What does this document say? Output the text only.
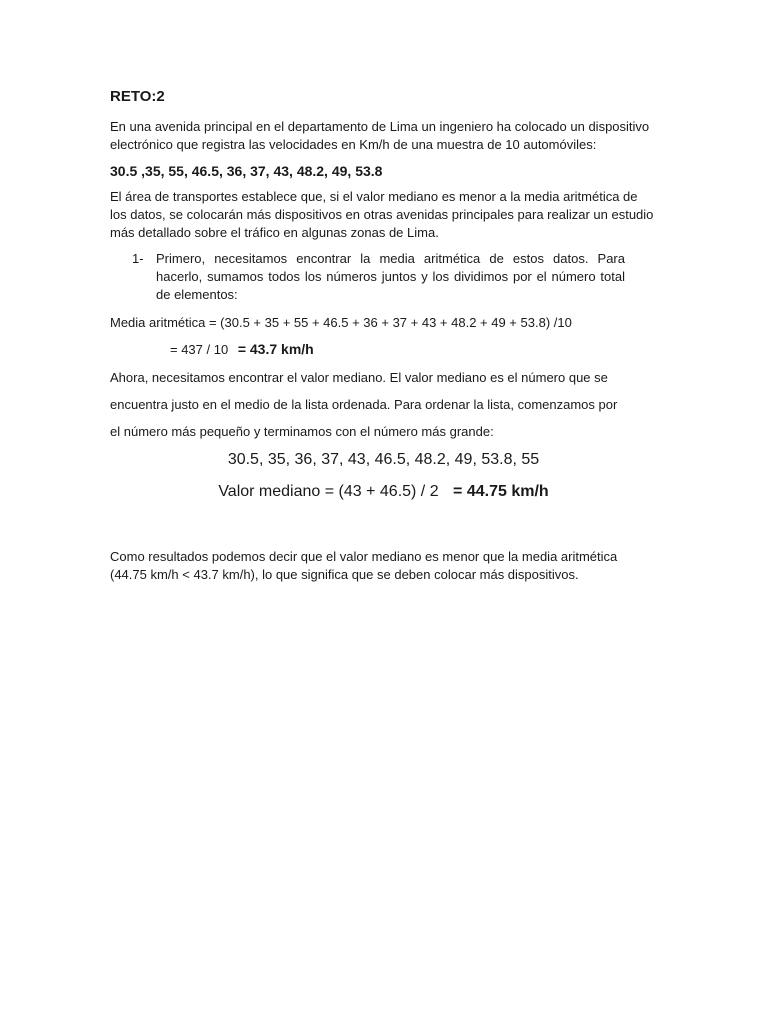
RETO:2

En una avenida principal en el departamento de Lima un ingeniero ha colocado un dispositivo electrónico que registra las velocidades en Km/h de una muestra de 10 automóviles:

30.5 ,35, 55, 46.5, 36, 37, 43, 48.2, 49, 53.8

El área de transportes establece que, si el valor mediano es menor a la media aritmética de los datos, se colocarán más dispositivos en otras avenidas principales para realizar un estudio más detallado sobre el tráfico en algunas zonas de Lima.

1- Primero, necesitamos encontrar la media aritmética de estos datos. Para hacerlo, sumamos todos los números juntos y los dividimos por el número total de elementos:

Media aritmética = (30.5 + 35 + 55 + 46.5 + 36 + 37 + 43 + 48.2 + 49 + 53.8) /10

= 437 / 10 = 43.7 km/h

Ahora, necesitamos encontrar el valor mediano. El valor mediano es el número que se

encuentra justo en el medio de la lista ordenada. Para ordenar la lista, comenzamos por

el número más pequeño y terminamos con el número más grande:

30.5, 35, 36, 37, 43, 46.5, 48.2, 49, 53.8, 55

Valor mediano = (43 + 46.5) / 2 = 44.75 km/h

Como resultados podemos decir que el valor mediano es menor que la media aritmética (44.75 km/h < 43.7 km/h), lo que significa que se deben colocar más dispositivos.
